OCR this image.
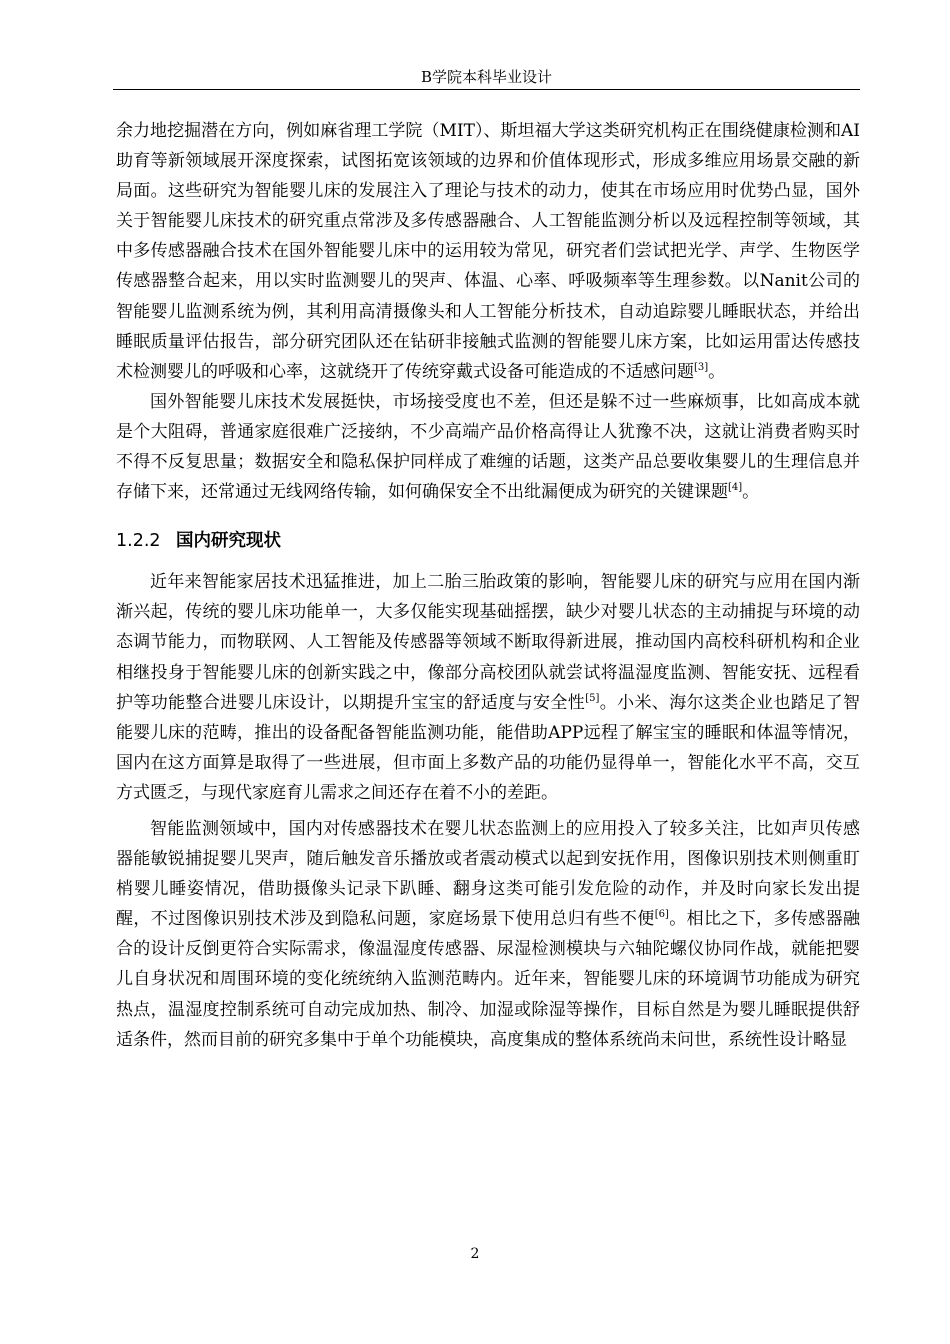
B学院本科毕业设计

余力地挖掘潜在方向，例如麻省理工学院（MIT）、斯坦福大学这类研究机构正在围绕健康检测和AI助育等新领域展开深度探索，试图拓宽该领域的边界和价值体现形式，形成多维应用场景交融的新局面。这些研究为智能婴儿床的发展注入了理论与技术的动力，使其在市场应用时优势凸显，国外关于智能婴儿床技术的研究重点常涉及多传感器融合、人工智能监测分析以及远程控制等领域，其中多传感器融合技术在国外智能婴儿床中的运用较为常见，研究者们尝试把光学、声学、生物医学传感器整合起来，用以实时监测婴儿的哭声、体温、心率、呼吸频率等生理参数。以Nanit公司的智能婴儿监测系统为例，其利用高清摄像头和人工智能分析技术，自动追踪婴儿睡眠状态，并给出睡眠质量评估报告，部分研究团队还在钻研非接触式监测的智能婴儿床方案，比如运用雷达传感技术检测婴儿的呼吸和心率，这就绕开了传统穿戴式设备可能造成的不适感问题[3]。

国外智能婴儿床技术发展挺快，市场接受度也不差，但还是躲不过一些麻烦事，比如高成本就是个大阻碍，普通家庭很难广泛接纳，不少高端产品价格高得让人犹豫不决，这就让消费者购买时不得不反复思量；数据安全和隐私保护同样成了难缠的话题，这类产品总要收集婴儿的生理信息并存储下来，还常通过无线网络传输，如何确保安全不出纰漏便成为研究的关键课题[4]。

1.2.2 国内研究现状

近年来智能家居技术迅猛推进，加上二胎三胎政策的影响，智能婴儿床的研究与应用在国内渐渐兴起，传统的婴儿床功能单一，大多仅能实现基础摇摆，缺少对婴儿状态的主动捕捉与环境的动态调节能力，而物联网、人工智能及传感器等领域不断取得新进展，推动国内高校科研机构和企业相继投身于智能婴儿床的创新实践之中，像部分高校团队就尝试将温湿度监测、智能安抚、远程看护等功能整合进婴儿床设计，以期提升宝宝的舒适度与安全性[5]。小米、海尔这类企业也踏足了智能婴儿床的范畴，推出的设备配备智能监测功能，能借助APP远程了解宝宝的睡眠和体温等情况，国内在这方面算是取得了一些进展，但市面上多数产品的功能仍显得单一，智能化水平不高，交互方式匮乏，与现代家庭育儿需求之间还存在着不小的差距。

智能监测领域中，国内对传感器技术在婴儿状态监测上的应用投入了较多关注，比如声贝传感器能敏锐捕捉婴儿哭声，随后触发音乐播放或者震动模式以起到安抚作用，图像识别技术则侧重盯梢婴儿睡姿情况，借助摄像头记录下趴睡、翻身这类可能引发危险的动作，并及时向家长发出提醒，不过图像识别技术涉及到隐私问题，家庭场景下使用总归有些不便[6]。相比之下，多传感器融合的设计反倒更符合实际需求，像温湿度传感器、尿湿检测模块与六轴陀螺仪协同作战，就能把婴儿自身状况和周围环境的变化统统纳入监测范畴内。近年来，智能婴儿床的环境调节功能成为研究热点，温湿度控制系统可自动完成加热、制冷、加湿或除湿等操作，目标自然是为婴儿睡眠提供舒适条件，然而目前的研究多集中于单个功能模块，高度集成的整体系统尚未问世，系统性设计略显

2
